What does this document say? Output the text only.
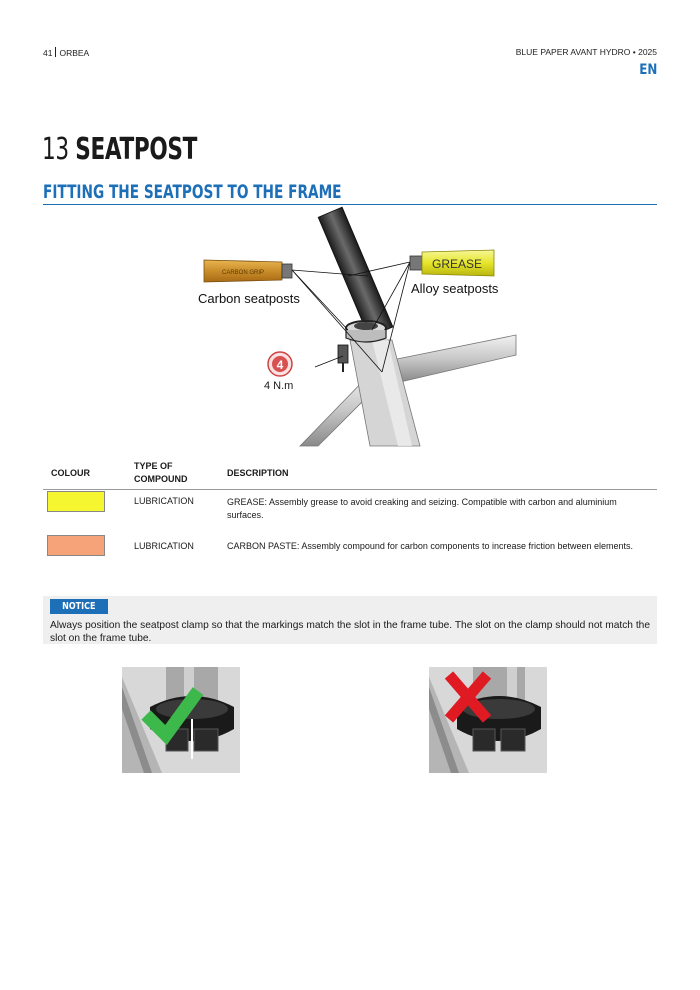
41 ORBEA	BLUE PAPER AVANT HYDRO • 2025
EN
13 SEATPOST
FITTING THE SEATPOST TO THE FRAME
CARBON GRIP
GREASE
4
Carbon seatposts
Alloy seatposts
4 N.m
COLOUR	TYPE OF COMPOUND	DESCRIPTION

	LUBRICATION	GREASE: Assembly grease to avoid creaking and seizing. Compatible with carbon and aluminium surfaces.

	LUBRICATION	CARBON PASTE: Assembly compound for carbon components to increase friction between elements.
NOTICE
Always position the seatpost clamp so that the markings match the slot in the frame tube. The slot on the clamp should not match the slot on the frame tube.
